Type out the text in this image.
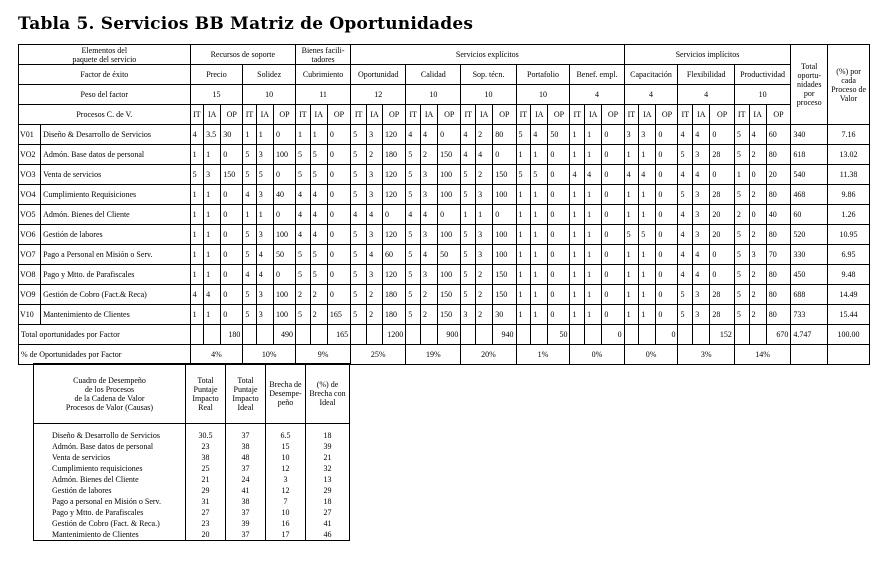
Tabla 5. Servicios BB Matriz de Oportunidades
Elementos del
paquete del servicio		Recursos de soporte						Bienes facili-
tadores			Servicios explícitos															Servicios implícitos									Total oportu-nidades por proceso	(%) por cada Proceso de Valor
Factor de éxito		Precio			Solidez			Cubrimiento			Oportunidad			Calidad			Sop. técn.			Portafolio			Benef. empl.			Capacitación			Flexibilidad			Productividad				
Peso del factor		15			10			11			12			10			10			10			4			4			4			10				
Procesos C. de V.		IT	IA	OP	IT	IA	OP	IT	IA	OP	IT	IA	OP	IT	IA	OP	IT	IA	OP	IT	IA	OP	IT	IA	OP	IT	IA	OP	IT	IA	OP	IT	IA	OP		
V01	Diseño & Desarrollo de Servicios	4	3.5	30	1	1	0	1	1	0	5	3	120	4	4	0	4	2	80	5	4	50	1	1	0	3	3	0	4	4	0	5	4	60	340	7.16
VO2	Admón. Base datos de personal	1	1	0	5	3	100	5	5	0	5	2	180	5	2	150	4	4	0	1	1	0	1	1	0	1	1	0	5	3	28	5	2	80	618	13.02
VO3	Venta de servicios	5	3	150	5	5	0	5	5	0	5	3	120	5	3	100	5	2	150	5	5	0	4	4	0	4	4	0	4	4	0	1	0	20	540	11.38
VO4	Cumplimiento Requisiciones	1	1	0	4	3	40	4	4	0	5	3	120	5	3	100	5	3	100	1	1	0	1	1	0	1	1	0	5	3	28	5	2	80	468	9.86
VO5	Admón. Bienes del Cliente	1	1	0	1	1	0	4	4	0	4	4	0	4	4	0	1	1	0	1	1	0	1	1	0	1	1	0	4	3	20	2	0	40	60	1.26
VO6	Gestión de labores	1	1	0	5	3	100	4	4	0	5	3	120	5	3	100	5	3	100	1	1	0	1	1	0	5	5	0	4	3	20	5	2	80	520	10.95
VO7	Pago a Personal en Misión o Serv.	1	1	0	5	4	50	5	5	0	5	4	60	5	4	50	5	3	100	1	1	0	1	1	0	1	1	0	4	4	0	5	3	70	330	6.95
VO8	Pago y Mtto. de Parafiscales	1	1	0	4	4	0	5	5	0	5	3	120	5	3	100	5	2	150	1	1	0	1	1	0	1	1	0	4	4	0	5	2	80	450	9.48
VO9	Gestión de Cobro (Fact.& Reca)	4	4	0	5	3	100	2	2	0	5	2	180	5	2	150	5	2	150	1	1	0	1	1	0	1	1	0	5	3	28	5	2	80	688	14.49
V10	Mantenimiento de Clientes	1	1	0	5	3	100	5	2	165	5	2	180	5	2	150	3	2	30	1	1	0	1	1	0	1	1	0	5	3	28	5	2	80	733	15.44
Total oportunidades por Factor				180			490			165			1200			900			940			50			0			0			152			670	4.747	100.00
% de Oportunidades por Factor		4%			10%			9%			25%			19%			20%			1%			0%			0%			3%			14%				
Cuadro de Desempeño
de los Procesos
de la Cadena de Valor
Procesos de Valor (Causas)	Total Puntaje Impacto Real	Total Puntaje Impacto Ideal	Brecha de Desempe- peño	(%) de Brecha con Ideal

Diseño & Desarrollo de Servicios	30.5	37	6.5	18
Admón. Base datos de personal	23	38	15	39
Venta de servicios	38	48	10	21
Cumplimiento requisiciones	25	37	12	32
Admón. Bienes del Cliente	21	24	3	13
Gestión de labores	29	41	12	29
Pago a personal en Misión o Serv.	31	38	7	18
Pago y Mtto. de Parafiscales	27	37	10	27
Gestión de Cobro (Fact. & Reca.)	23	39	16	41
Mantenimiento de Clientes	20	37	17	46
